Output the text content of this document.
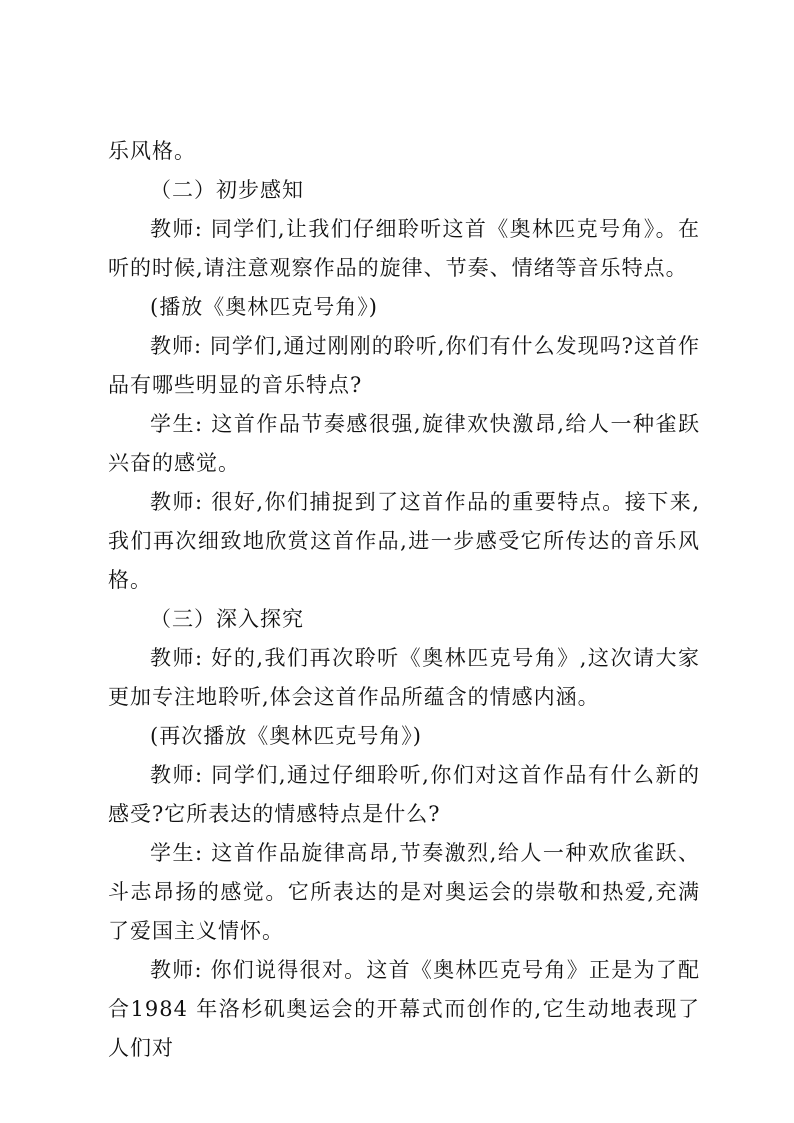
乐风格。

（二）初步感知

教师: 同学们,让我们仔细聆听这首《奥林匹克号角》。在听的时候,请注意观察作品的旋律、节奏、情绪等音乐特点。

(播放《奥林匹克号角》)

教师: 同学们,通过刚刚的聆听,你们有什么发现吗?这首作品有哪些明显的音乐特点?

学生: 这首作品节奏感很强,旋律欢快激昂,给人一种雀跃兴奋的感觉。

教师: 很好,你们捕捉到了这首作品的重要特点。接下来,我们再次细致地欣赏这首作品,进一步感受它所传达的音乐风格。

（三）深入探究

教师: 好的,我们再次聆听《奥林匹克号角》,这次请大家更加专注地聆听,体会这首作品所蕴含的情感内涵。

(再次播放《奥林匹克号角》)

教师: 同学们,通过仔细聆听,你们对这首作品有什么新的感受?它所表达的情感特点是什么?

学生: 这首作品旋律高昂,节奏激烈,给人一种欢欣雀跃、斗志昂扬的感觉。它所表达的是对奥运会的崇敬和热爱,充满了爱国主义情怀。

教师: 你们说得很对。这首《奥林匹克号角》正是为了配合1984 年洛杉矶奥运会的开幕式而创作的,它生动地表现了人们对
